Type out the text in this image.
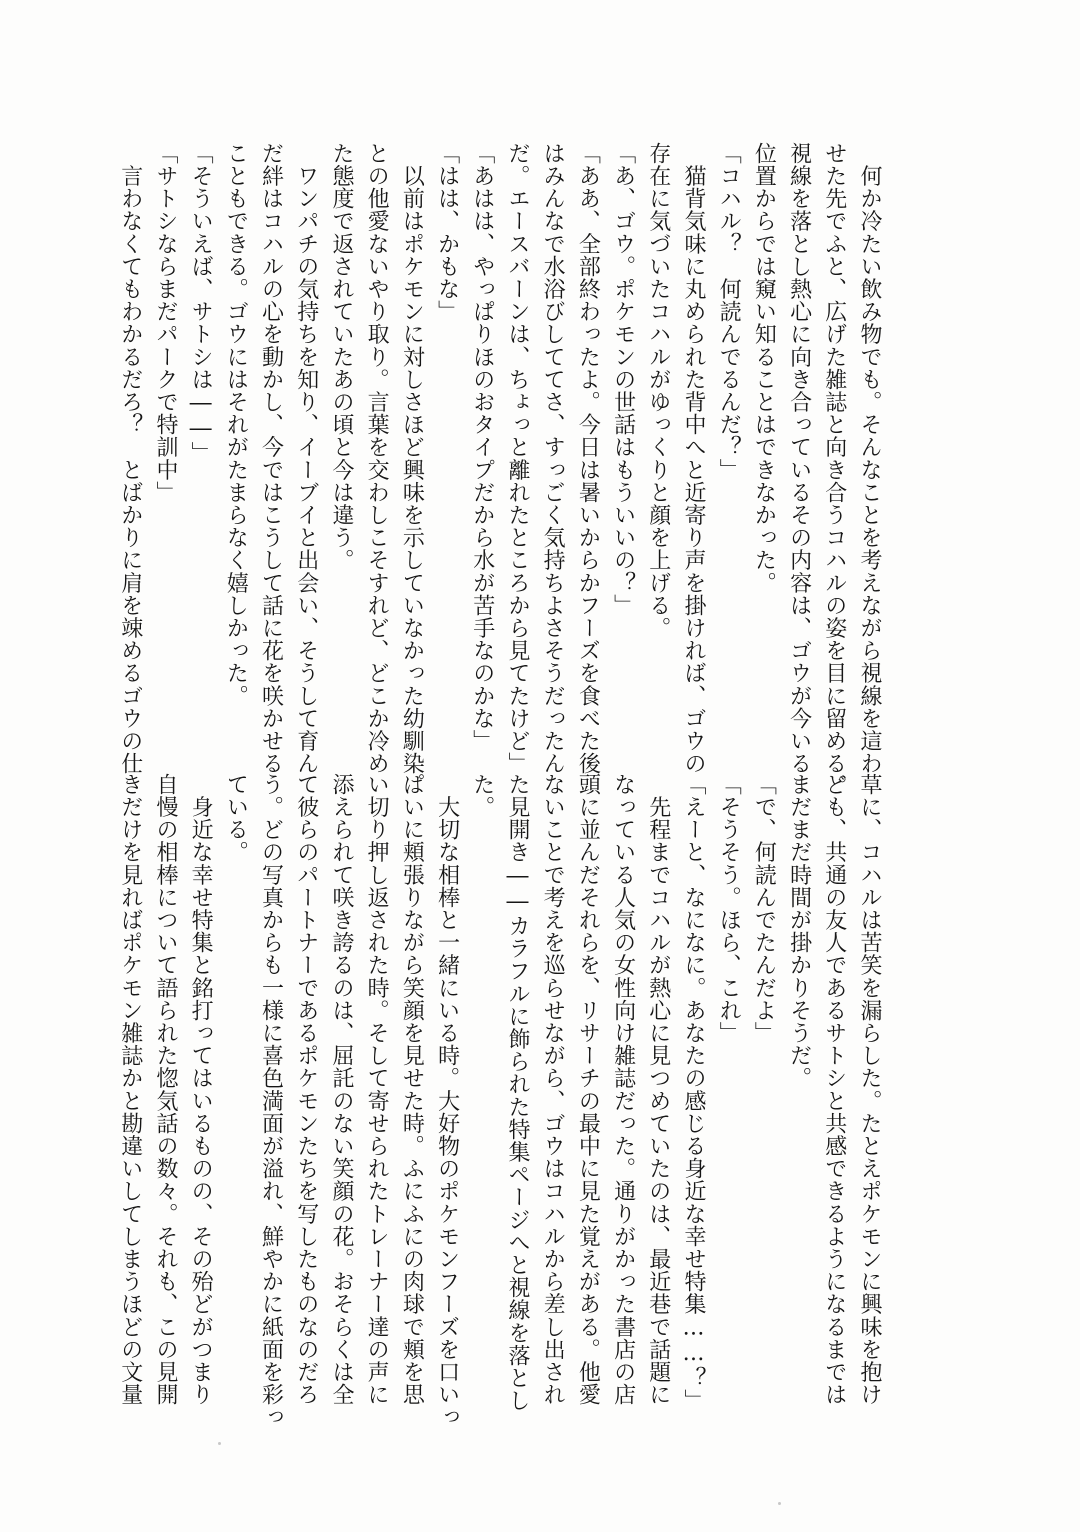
　何か冷たい飲み物でも。そんなことを考えながら視線を這わ
せた先でふと、広げた雑誌と向き合うコハルの姿を目に留める。
視線を落とし熱心に向き合っているその内容は、ゴウが今いる
位置からでは窺い知ることはできなかった。
「コハル？　何読んでるんだ？」
　猫背気味に丸められた背中へと近寄り声を掛ければ、ゴウの
存在に気づいたコハルがゆっくりと顔を上げる。
「あ、ゴウ。ポケモンの世話はもういいの？」
「ああ、全部終わったよ。今日は暑いからかフーズを食べた後
はみんなで水浴びしててさ、すっごく気持ちよさそうだったん
だ。エースバーンは、ちょっと離れたところから見てたけど」
「あはは、やっぱりほのおタイプだから水が苦手なのかな」
「はは、かもな」
　以前はポケモンに対しさほど興味を示していなかった幼馴染
との他愛ないやり取り。言葉を交わしこそすれど、どこか冷め
た態度で返されていたあの頃と今は違う。
　ワンパチの気持ちを知り、イーブイと出会い、そうして育ん
だ絆はコハルの心を動かし、今ではこうして話に花を咲かせる
こともできる。ゴウにはそれがたまらなく嬉しかった。
「そういえば、サトシは――」
「サトシならまだパークで特訓中」
　言わなくてもわかるだろ？　とばかりに肩を竦めるゴウの仕
草に、コハルは苦笑を漏らした。たとえポケモンに興味を抱け
ども、共通の友人であるサトシと共感できるようになるまでは
まだまだ時間が掛かりそうだ。
「で、何読んでたんだよ」
「そうそう。ほら、これ」
「えーと、なになに。あなたの感じる身近な幸せ特集……？」
　先程までコハルが熱心に見つめていたのは、最近巷で話題に
なっている人気の女性向け雑誌だった。通りがかった書店の店
頭に並んだそれらを、リサーチの最中に見た覚えがある。他愛
ないことで考えを巡らせながら、ゴウはコハルから差し出され
た見開き――カラフルに飾られた特集ページへと視線を落とし
た。
　大切な相棒と一緒にいる時。大好物のポケモンフーズを口いっ
ぱいに頬張りながら笑顔を見せた時。ふにふにの肉球で頬を思
い切り押し返された時。そして寄せられたトレーナー達の声に
添えられて咲き誇るのは、屈託のない笑顔の花。おそらくは全
て彼らのパートナーであるポケモンたちを写したものなのだろ
う。どの写真からも一様に喜色満面が溢れ、鮮やかに紙面を彩っ
ている。
　身近な幸せ特集と銘打ってはいるものの、その殆どがつまり
自慢の相棒について語られた惚気話の数々。それも、この見開
きだけを見ればポケモン雑誌かと勘違いしてしまうほどの文量
